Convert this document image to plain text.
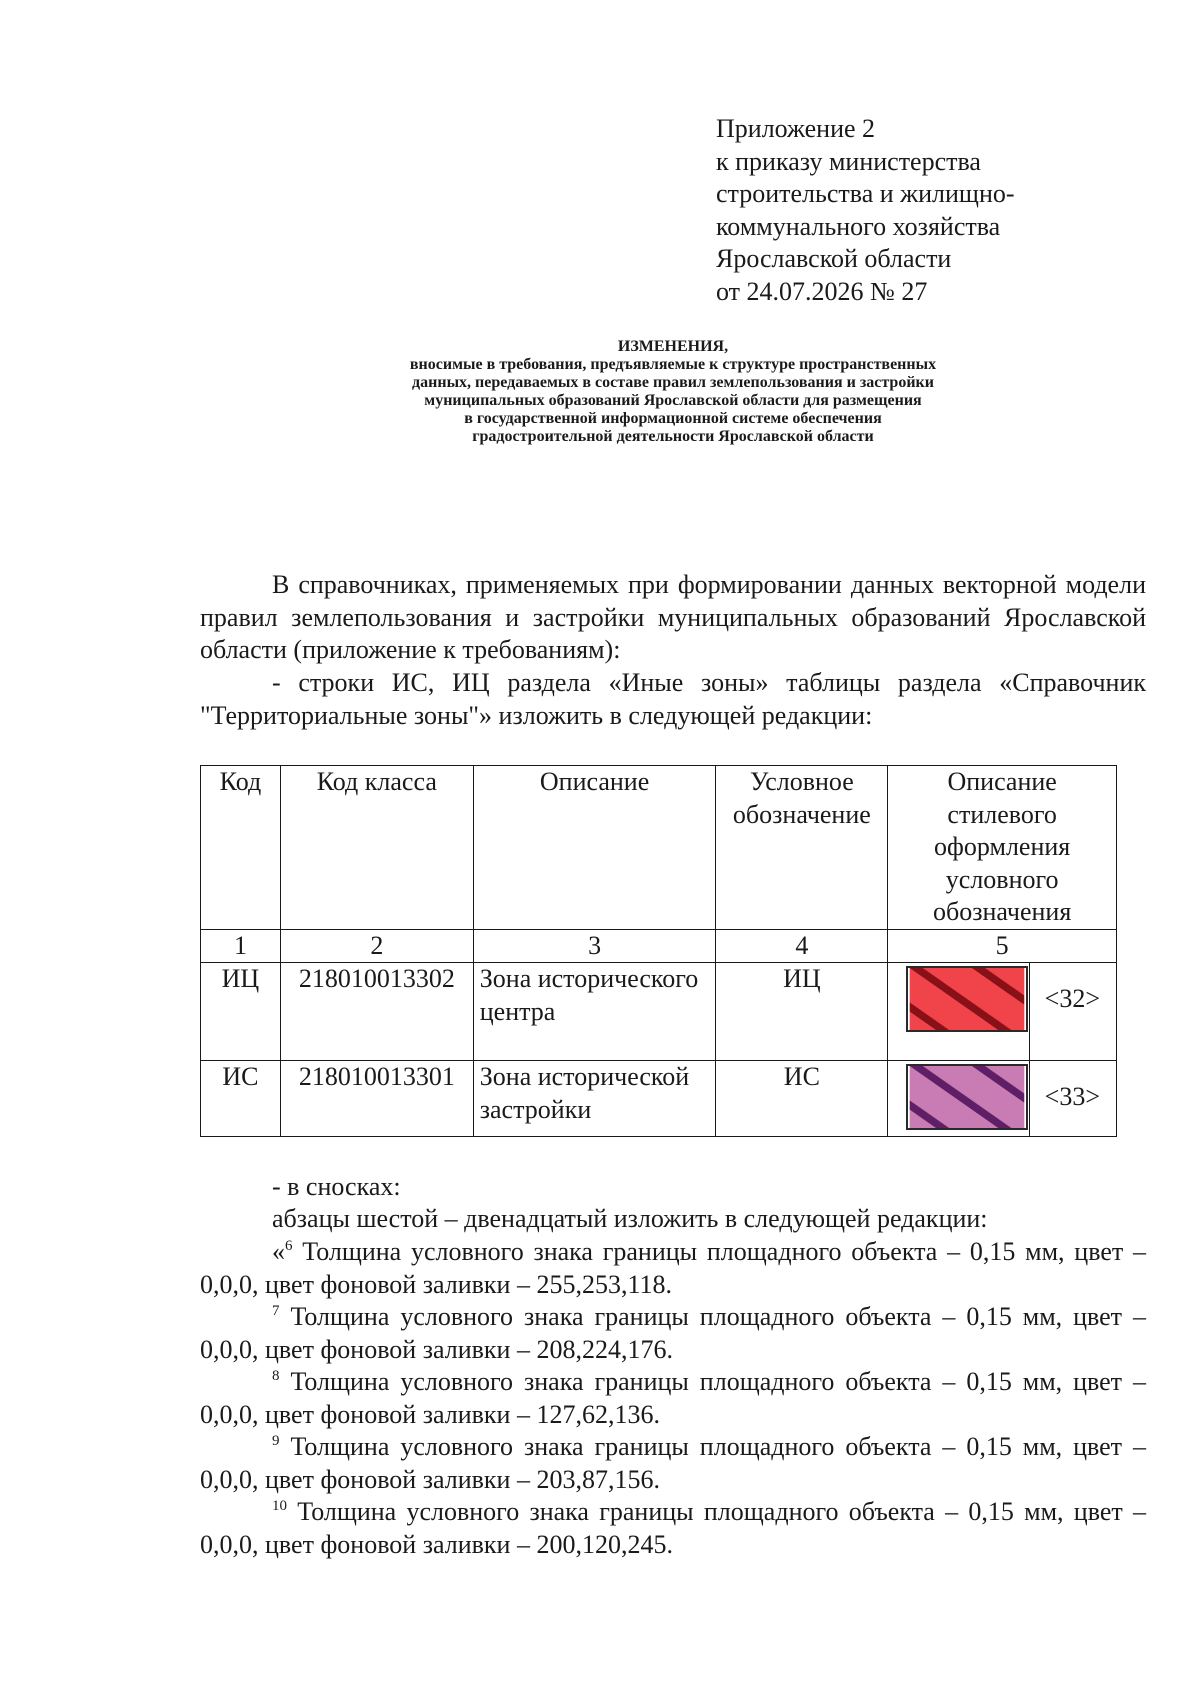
Приложение 2
к приказу министерства
строительства и жилищно-
коммунального хозяйства
Ярославской области
от 24.07.2026 № 27
ИЗМЕНЕНИЯ,
вносимые в требования, предъявляемые к структуре пространственных
данных, передаваемых в составе правил землепользования и застройки
муниципальных образований Ярославской области для размещения
в государственной информационной системе обеспечения
градостроительной деятельности Ярославской области
В справочниках, применяемых при формировании данных векторной модели правил землепользования и застройки муниципальных образований Ярославской области (приложение к требованиям):
- строки ИС, ИЦ раздела «Иные зоны» таблицы раздела «Справочник "Территориальные зоны"» изложить в следующей редакции:
Код	Код класса	Описание	Условное обозначение	Описание стилевого оформления условного обозначения
1	2	3	4	5
ИЦ	218010013302	Зона исторического центра	ИЦ	<32>

ИС	218010013301	Зона исторической застройки	ИС	<33>
- в сносках:
абзацы шестой – двенадцатый изложить в следующей редакции:
«$^6$ Толщина условного знака границы площадного объекта – 0,15 мм, цвет – 0,0,0, цвет фоновой заливки – 255,253,118.
$^7$ Толщина условного знака границы площадного объекта – 0,15 мм, цвет – 0,0,0, цвет фоновой заливки – 208,224,176.
$^8$ Толщина условного знака границы площадного объекта – 0,15 мм, цвет – 0,0,0, цвет фоновой заливки – 127,62,136.
$^9$ Толщина условного знака границы площадного объекта – 0,15 мм, цвет – 0,0,0, цвет фоновой заливки – 203,87,156.
$^{10}$ Толщина условного знака границы площадного объекта – 0,15 мм, цвет – 0,0,0, цвет фоновой заливки – 200,120,245.
